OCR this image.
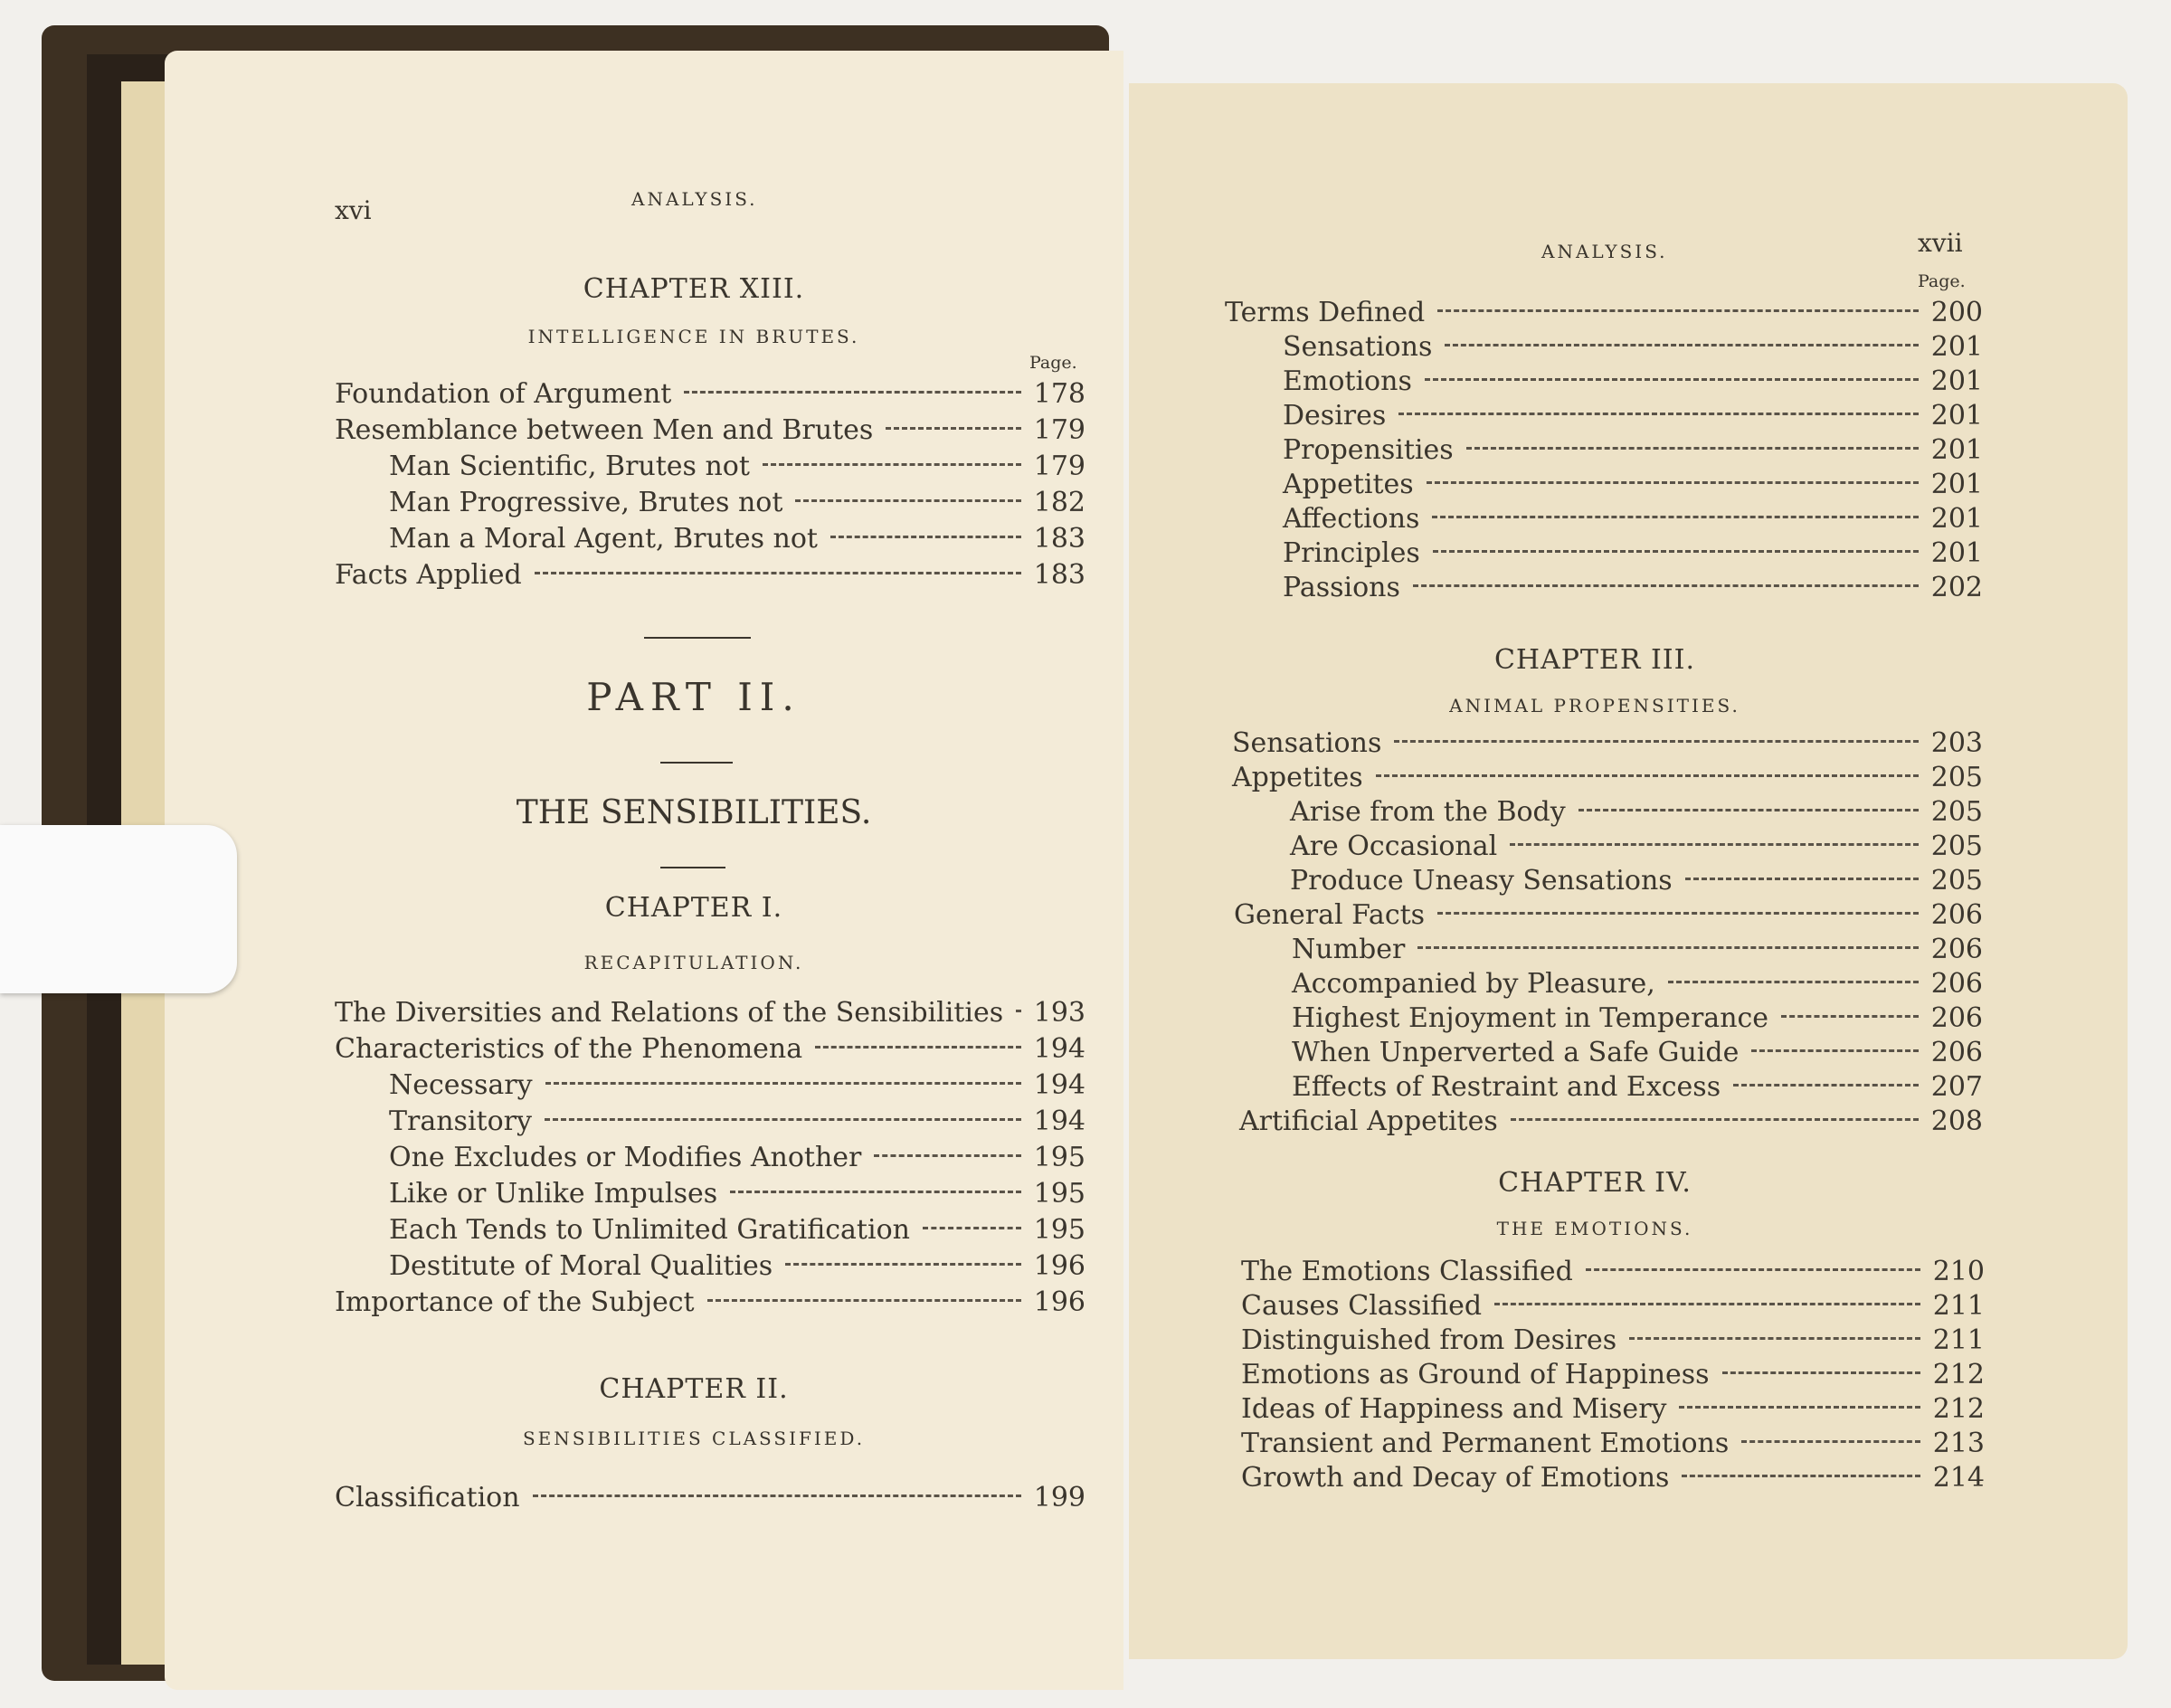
xvi	ANALYSIS.
CHAPTER XIII.
INTELLIGENCE IN BRUTES.
Page.
Foundation of Argument	178
Resemblance between Men and Brutes	179
Man Scientific, Brutes not	179
Man Progressive, Brutes not	182
Man a Moral Agent, Brutes not	183
Facts Applied	183
PART II.
THE SENSIBILITIES.
CHAPTER I.
RECAPITULATION.
The Diversities and Relations of the Sensibilities 193
Characteristics of the Phenomena	194
Necessary	194
Transitory	194
One Excludes or Modifies Another	195
Like or Unlike Impulses	195
Each Tends to Unlimited Gratification	195
Destitute of Moral Qualities	196
Importance of the Subject	196
CHAPTER II.
SENSIBILITIES CLASSIFIED.
Classification	199
ANALYSIS.	xvii
Page.
Terms Defined	200
Sensations	201
Emotions	201
Desires	201
Propensities	201
Appetites	201
Affections	201
Principles	201
Passions	202
CHAPTER III.
ANIMAL PROPENSITIES.
Sensations	203
Appetites	205
Arise from the Body	205
Are Occasional	205
Produce Uneasy Sensations	205
General Facts	206
Number	206
Accompanied by Pleasure,	206
Highest Enjoyment in Temperance	206
When Unperverted a Safe Guide	206
Effects of Restraint and Excess	207
Artificial Appetites	208
CHAPTER IV.
THE EMOTIONS.
The Emotions Classified	210
Causes Classified	211
Distinguished from Desires	211
Emotions as Ground of Happiness	212
Ideas of Happiness and Misery	212
Transient and Permanent Emotions	213
Growth and Decay of Emotions	214
